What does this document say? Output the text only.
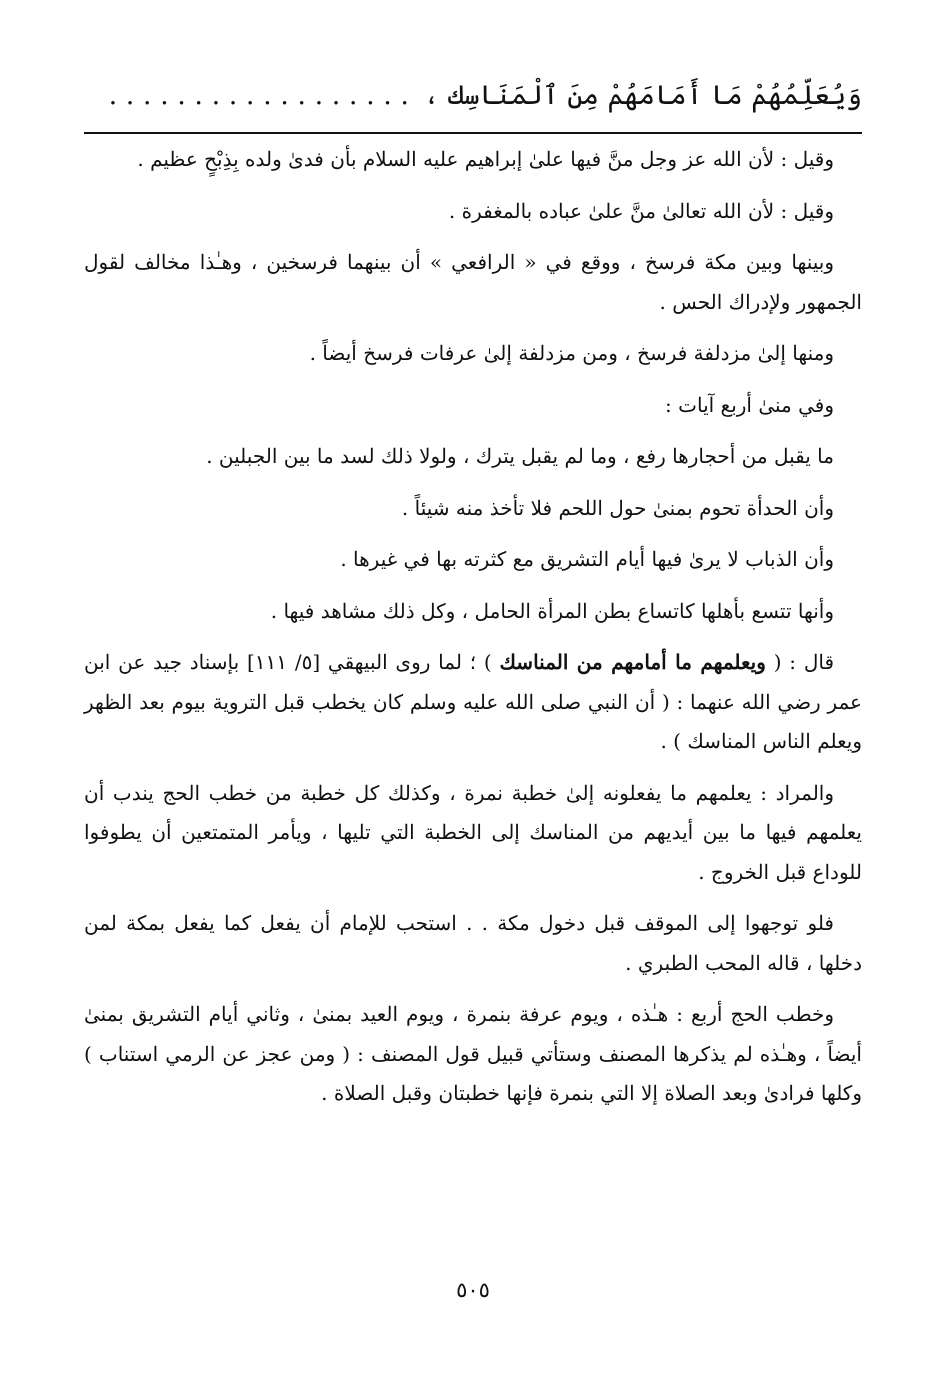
وَيُعَلِّمُهُمْ مَا أَمَامَهُمْ مِنَ ٱلْمَنَاسِك ، . . . . . . . . . . . . . . . . . .

وقيل : لأن الله عز وجل منَّ فيها علىٰ إبراهيم عليه السلام بأن فدىٰ ولده بِذِبْحٍ عظيم .

وقيل : لأن الله تعالىٰ منَّ علىٰ عباده بالمغفرة .

وبينها وبين مكة فرسخ ، ووقع في « الرافعي » أن بينهما فرسخين ، وهـٰذا مخالف لقول الجمهور ولإدراك الحس .

ومنها إلىٰ مزدلفة فرسخ ، ومن مزدلفة إلىٰ عرفات فرسخ أيضاً .

وفي منىٰ أربع آيات :

ما يقبل من أحجارها رفع ، وما لم يقبل يترك ، ولولا ذلك لسد ما بين الجبلين .

وأن الحدأة تحوم بمنىٰ حول اللحم فلا تأخذ منه شيئاً .

وأن الذباب لا يرىٰ فيها أيام التشريق مع كثرته بها في غيرها .

وأنها تتسع بأهلها كاتساع بطن المرأة الحامل ، وكل ذلك مشاهد فيها .

قال : ( ويعلمهم ما أمامهم من المناسك ) ؛ لما روى البيهقي [٥/ ١١١] بإسناد جيد عن ابن عمر رضي الله عنهما : ( أن النبي صلى الله عليه وسلم كان يخطب قبل التروية بيوم بعد الظهر ويعلم الناس المناسك ) .

والمراد : يعلمهم ما يفعلونه إلىٰ خطبة نمرة ، وكذلك كل خطبة من خطب الحج يندب أن يعلمهم فيها ما بين أيديهم من المناسك إلى الخطبة التي تليها ، ويأمر المتمتعين أن يطوفوا للوداع قبل الخروج .

فلو توجهوا إلى الموقف قبل دخول مكة . . استحب للإمام أن يفعل كما يفعل بمكة لمن دخلها ، قاله المحب الطبري .

وخطب الحج أربع : هـٰذه ، ويوم عرفة بنمرة ، ويوم العيد بمنىٰ ، وثاني أيام التشريق بمنىٰ أيضاً ، وهـٰذه لم يذكرها المصنف وستأتي قبيل قول المصنف : ( ومن عجز عن الرمي استناب ) وكلها فرادىٰ وبعد الصلاة إلا التي بنمرة فإنها خطبتان وقبل الصلاة .

٥٠٥
